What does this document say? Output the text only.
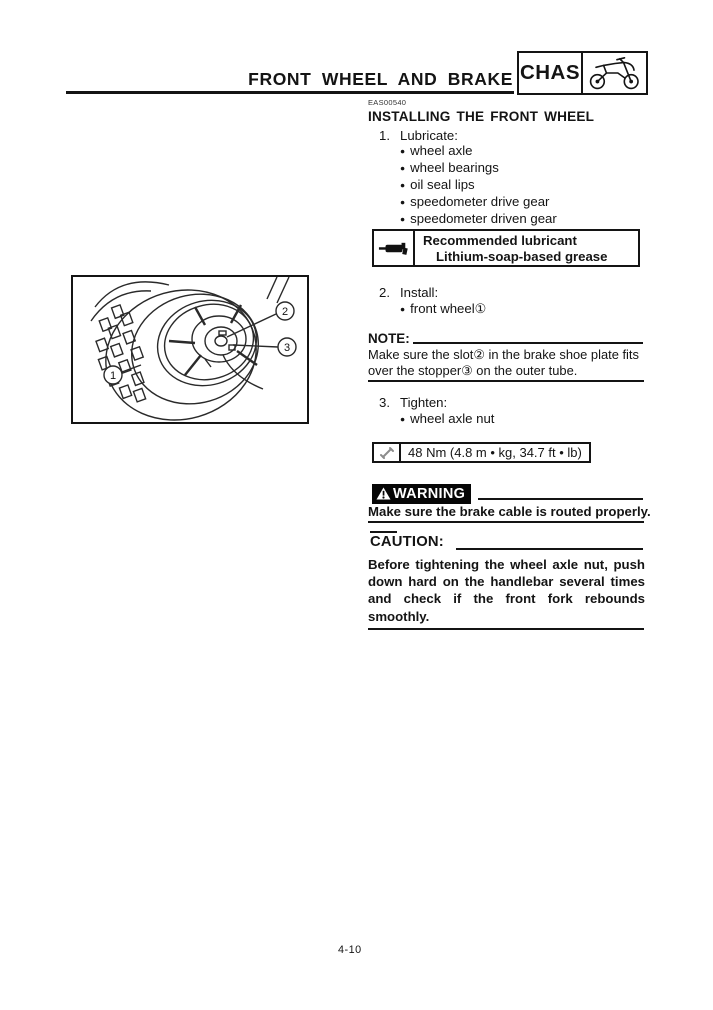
FRONT WHEEL AND BRAKE CHAS
1
2
3
EAS00540
INSTALLING THE FRONT WHEEL
1. Lubricate:
● wheel axle
● wheel bearings
● oil seal lips
● speedometer drive gear
● speedometer driven gear
Recommended lubricant
Lithium-soap-based grease
2. Install:
● front wheel①
NOTE:
Make sure the slot② in the brake shoe plate fits
over the stopper③ on the outer tube.
3. Tighten:
● wheel axle nut
48 Nm (4.8 m • kg, 34.7 ft • lb)
WARNING
Make sure the brake cable is routed properly.
CAUTION:
Before tightening the wheel axle nut, push down hard on the handlebar several times and check if the front fork rebounds smoothly.
4-10
